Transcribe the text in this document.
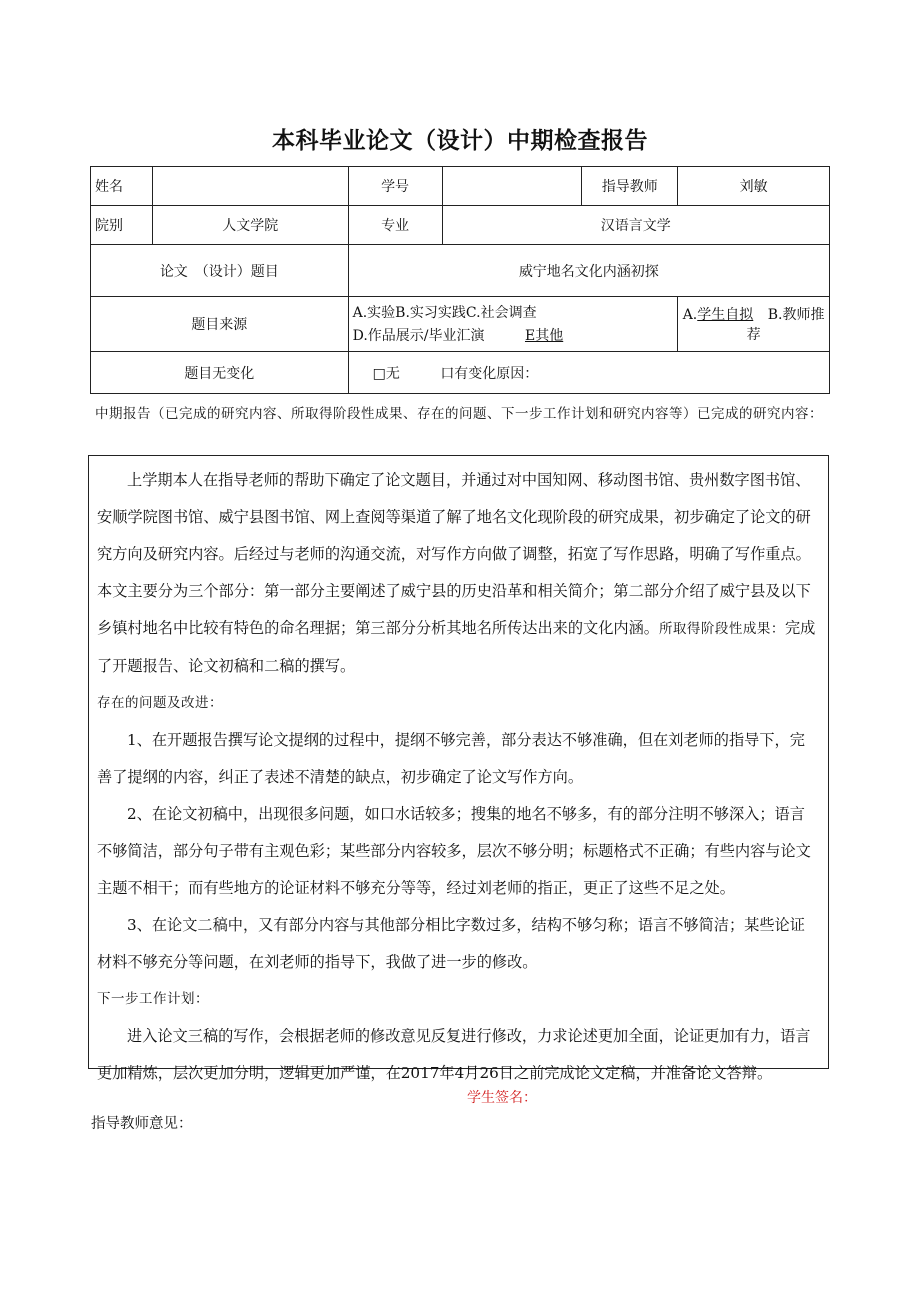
本科毕业论文（设计）中期检查报告
姓名		学号		指导教师	刘敏
院别	人文学院	专业	汉语言文学		
论文　（设计）题目		威宁地名文化内涵初探			
题目来源		A.实验B.实习实践C.社会调查
D.作品展示/毕业汇演 E其他			A.学生自拟 B.教师推荐
题目无变化		□无 口有变化原因：			
中期报告（已完成的研究内容、所取得阶段性成果、存在的问题、下一步工作计划和研究内容等）已完成的研究内容：

上学期本人在指导老师的帮助下确定了论文题目，并通过对中国知网、移动图书馆、贵州数字图书馆、安顺学院图书馆、威宁县图书馆、网上查阅等渠道了解了地名文化现阶段的研究成果，初步确定了论文的研究方向及研究内容。后经过与老师的沟通交流，对写作方向做了调整，拓宽了写作思路，明确了写作重点。本文主要分为三个部分：第一部分主要阐述了威宁县的历史沿革和相关简介；第二部分介绍了威宁县及以下乡镇村地名中比较有特色的命名理据；第三部分分析其地名所传达出来的文化内涵。所取得阶段性成果：完成了开题报告、论文初稿和二稿的撰写。

存在的问题及改进：

1、在开题报告撰写论文提纲的过程中，提纲不够完善，部分表达不够准确，但在刘老师的指导下，完善了提纲的内容，纠正了表述不清楚的缺点，初步确定了论文写作方向。

2、在论文初稿中，出现很多问题，如口水话较多；搜集的地名不够多，有的部分注明不够深入；语言不够简洁，部分句子带有主观色彩；某些部分内容较多，层次不够分明；标题格式不正确；有些内容与论文主题不相干；而有些地方的论证材料不够充分等等，经过刘老师的指正，更正了这些不足之处。

3、在论文二稿中，又有部分内容与其他部分相比字数过多，结构不够匀称；语言不够简洁；某些论证材料不够充分等问题，在刘老师的指导下，我做了进一步的修改。

下一步工作计划：

进入论文三稿的写作，会根据老师的修改意见反复进行修改，力求论述更加全面，论证更加有力，语言更加精炼，层次更加分明，逻辑更加严谨，在2017年4月26日之前完成论文定稿，并准备论文答辩。

学生签名：
指导教师意见：
